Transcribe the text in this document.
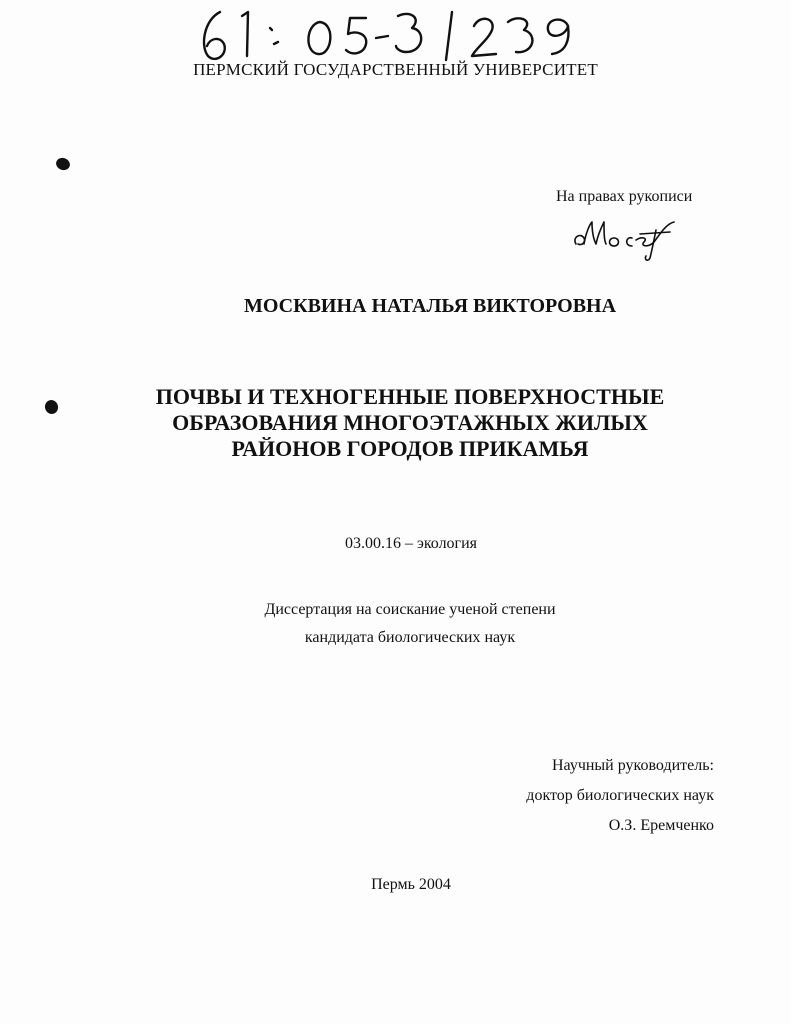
ПЕРМСКИЙ ГОСУДАРСТВЕННЫЙ УНИВЕРСИТЕТ
На правах рукописи
МОСКВИНА НАТАЛЬЯ ВИКТОРОВНА
ПОЧВЫ И ТЕХНОГЕННЫЕ ПОВЕРХНОСТНЫЕ
ОБРАЗОВАНИЯ МНОГОЭТАЖНЫХ ЖИЛЫХ
РАЙОНОВ ГОРОДОВ ПРИКАМЬЯ
03.00.16 – экология
Диссертация на соискание ученой степени
кандидата биологических наук
Научный руководитель:
доктор биологических наук
О.З. Еремченко
Пермь 2004
